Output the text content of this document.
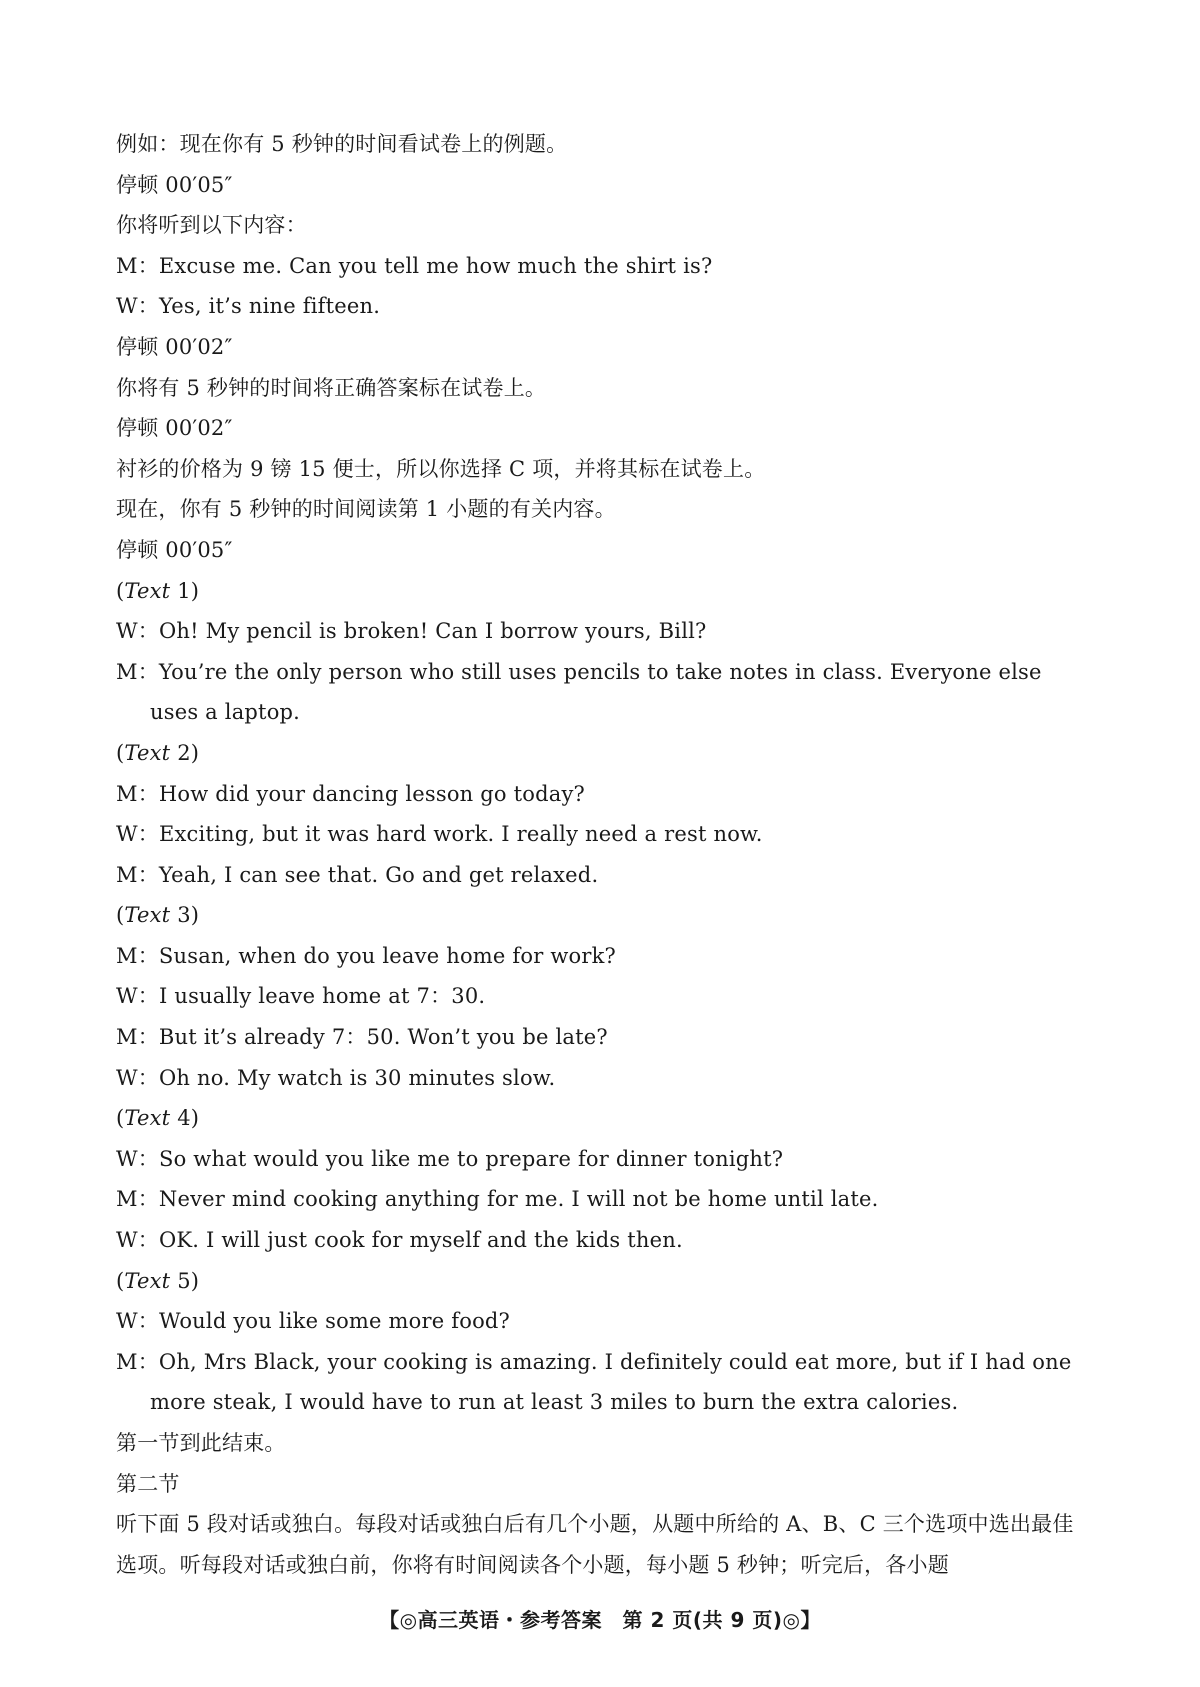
例如：现在你有 5 秒钟的时间看试卷上的例题。
停顿 00′05″
你将听到以下内容：
M：Excuse me. Can you tell me how much the shirt is?
W：Yes, it’s nine fifteen.
停顿 00′02″
你将有 5 秒钟的时间将正确答案标在试卷上。
停顿 00′02″
衬衫的价格为 9 镑 15 便士，所以你选择 C 项，并将其标在试卷上。
现在，你有 5 秒钟的时间阅读第 1 小题的有关内容。
停顿 00′05″
(Text 1)
W：Oh! My pencil is broken! Can I borrow yours, Bill?
M：You’re the only person who still uses pencils to take notes in class. Everyone else uses a laptop.
(Text 2)
M：How did your dancing lesson go today?
W：Exciting, but it was hard work. I really need a rest now.
M：Yeah, I can see that. Go and get relaxed.
(Text 3)
M：Susan, when do you leave home for work?
W：I usually leave home at 7：30.
M：But it’s already 7：50. Won’t you be late?
W：Oh no. My watch is 30 minutes slow.
(Text 4)
W：So what would you like me to prepare for dinner tonight?
M：Never mind cooking anything for me. I will not be home until late.
W：OK. I will just cook for myself and the kids then.
(Text 5)
W：Would you like some more food?
M：Oh, Mrs Black, your cooking is amazing. I definitely could eat more, but if I had one more steak, I would have to run at least 3 miles to burn the extra calories.
第一节到此结束。
第二节
听下面 5 段对话或独白。每段对话或独白后有几个小题，从题中所给的 A、B、C 三个选项中选出最佳选项。听每段对话或独白前，你将有时间阅读各个小题，每小题 5 秒钟；听完后，各小题
【◎高三英语・参考答案　第 2 页(共 9 页)◎】
